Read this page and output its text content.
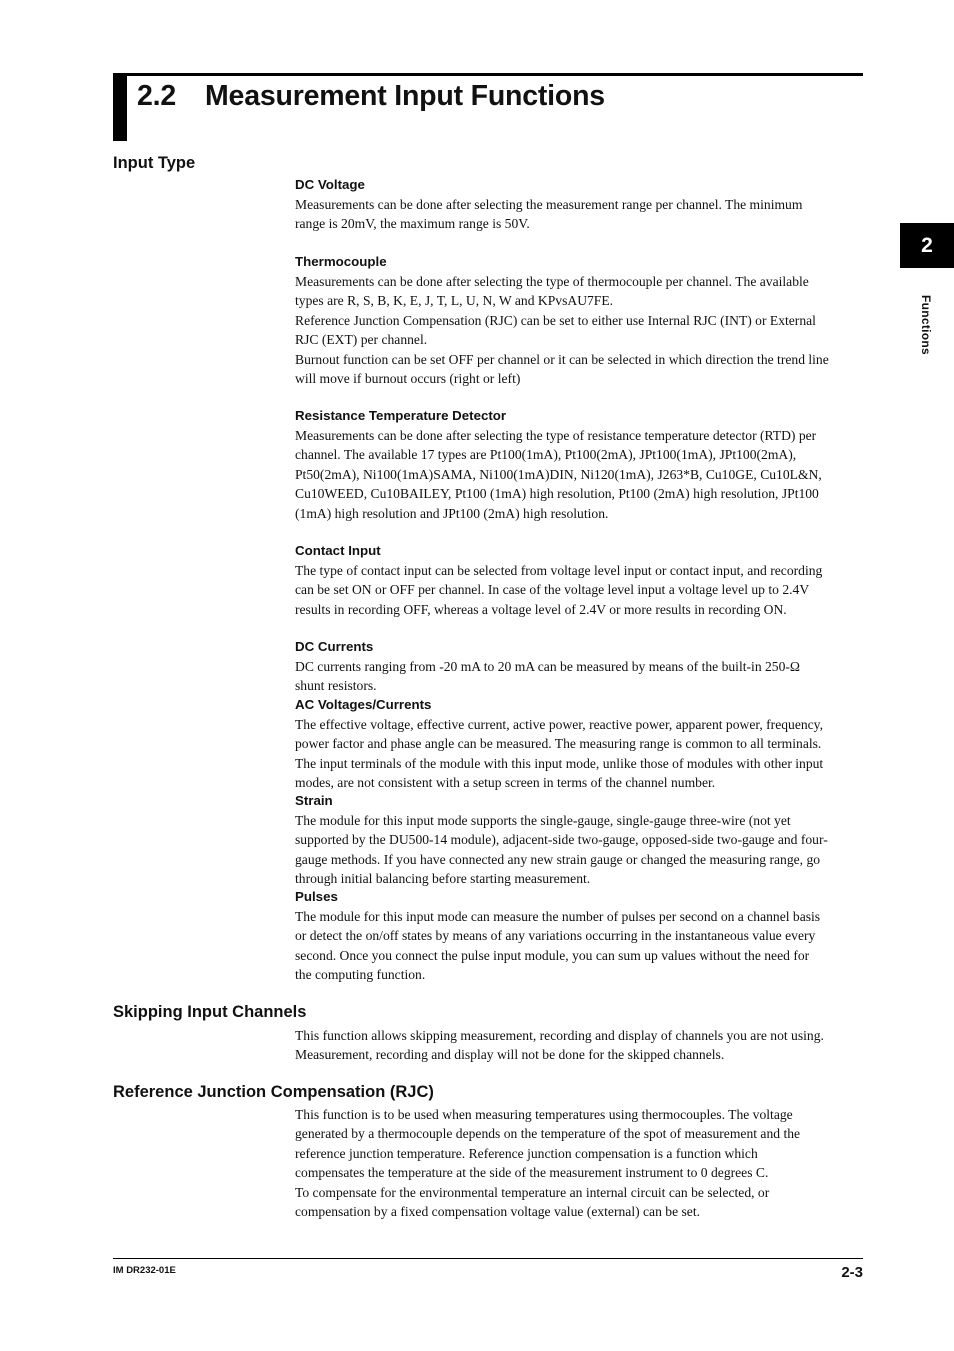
2.2 Measurement Input Functions
2
Functions
Input Type
DC Voltage
Measurements can be done after selecting the measurement range per channel. The minimum
range is 20mV, the maximum range is 50V.
Thermocouple
Measurements can be done after selecting the type of thermocouple per channel. The available
types are R, S, B, K, E, J, T, L, U, N, W and KPvsAU7FE.
Reference Junction Compensation (RJC) can be set to either use Internal RJC (INT) or External
RJC (EXT) per channel.
Burnout function can be set OFF per channel or it can be selected in which direction the trend line
will move if burnout occurs (right or left)
Resistance Temperature Detector
Measurements can be done after selecting the type of resistance temperature detector (RTD) per
channel. The available 17 types are Pt100(1mA), Pt100(2mA), JPt100(1mA), JPt100(2mA),
Pt50(2mA), Ni100(1mA)SAMA, Ni100(1mA)DIN, Ni120(1mA), J263*B, Cu10GE, Cu10L&N,
Cu10WEED, Cu10BAILEY, Pt100 (1mA) high resolution, Pt100 (2mA) high resolution, JPt100
(1mA) high resolution and JPt100 (2mA) high resolution.
Contact Input
The type of contact input can be selected from voltage level input or contact input, and recording
can be set ON or OFF per channel. In case of the voltage level input a voltage level up to 2.4V
results in recording OFF, whereas a voltage level of 2.4V or more results in recording ON.
DC Currents
DC currents ranging from -20 mA to 20 mA can be measured by means of the built-in 250-Ω
shunt resistors.
AC Voltages/Currents
The effective voltage, effective current, active power, reactive power, apparent power, frequency,
power factor and phase angle can be measured. The measuring range is common to all terminals.
The input terminals of the module with this input mode, unlike those of modules with other input
modes, are not consistent with a setup screen in terms of the channel number.
Strain
The module for this input mode supports the single-gauge, single-gauge three-wire (not yet
supported by the DU500-14 module), adjacent-side two-gauge, opposed-side two-gauge and four-
gauge methods. If you have connected any new strain gauge or changed the measuring range, go
through initial balancing before starting measurement.
Pulses
The module for this input mode can measure the number of pulses per second on a channel basis
or detect the on/off states by means of any variations occurring in the instantaneous value every
second. Once you connect the pulse input module, you can sum up values without the need for
the computing function.
Skipping Input Channels
This function allows skipping measurement, recording and display of channels you are not using.
Measurement, recording and display will not be done for the skipped channels.
Reference Junction Compensation (RJC)
This function is to be used when measuring temperatures using thermocouples. The voltage
generated by a thermocouple depends on the temperature of the spot of measurement and the
reference junction temperature. Reference junction compensation is a function which
compensates the temperature at the side of the measurement instrument to 0 degrees C.
To compensate for the environmental temperature an internal circuit can be selected, or
compensation by a fixed compensation voltage value (external) can be set.
IM DR232-01E	2-3
